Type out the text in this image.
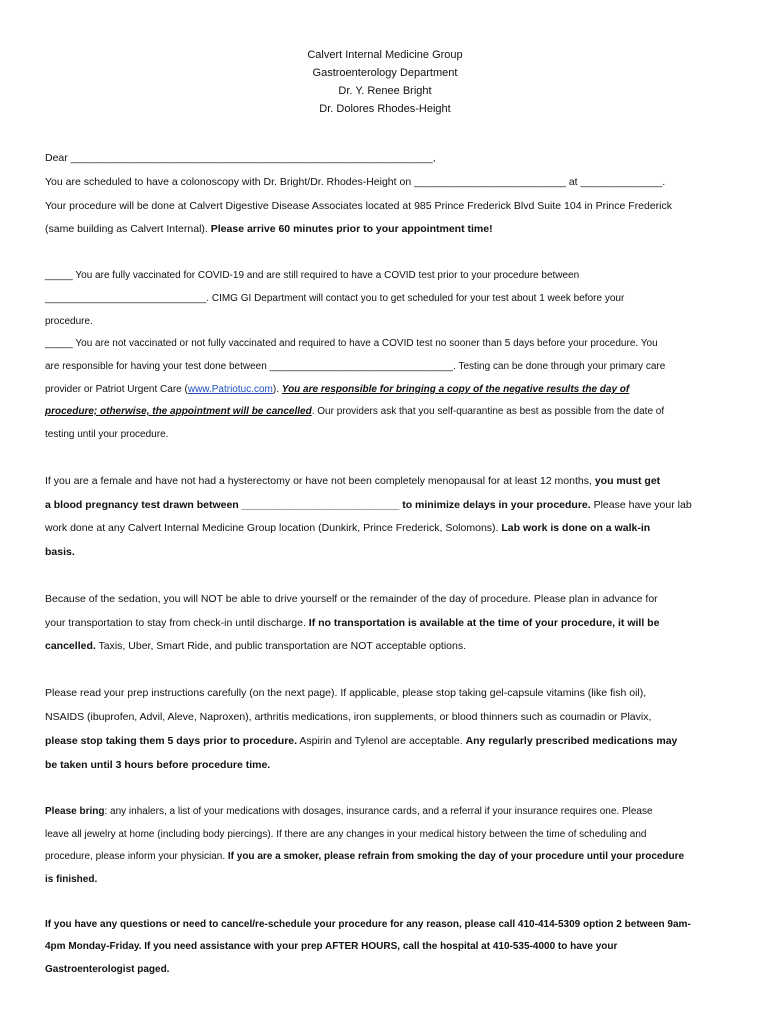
Calvert Internal Medicine Group
Gastroenterology Department
Dr. Y. Renee Bright
Dr. Dolores Rhodes-Height
Dear ______________________________________________________________,
You are scheduled to have a colonoscopy with Dr. Bright/Dr. Rhodes-Height on __________________________ at ______________.
Your procedure will be done at Calvert Digestive Disease Associates located at 985 Prince Frederick Blvd Suite 104 in Prince Frederick
(same building as Calvert Internal). Please arrive 60 minutes prior to your appointment time!
_____ You are fully vaccinated for COVID-19 and are still required to have a COVID test prior to your procedure between
_____________________________. CIMG GI Department will contact you to get scheduled for your test about 1 week before your
procedure.
_____ You are not vaccinated or not fully vaccinated and required to have a COVID test no sooner than 5 days before your procedure. You
are responsible for having your test done between _________________________________. Testing can be done through your primary care
provider or Patriot Urgent Care (www.Patriotuc.com). You are responsible for bringing a copy of the negative results the day of
procedure; otherwise, the appointment will be cancelled. Our providers ask that you self-quarantine as best as possible from the date of
testing until your procedure.
If you are a female and have not had a hysterectomy or have not been completely menopausal for at least 12 months, you must get
a blood pregnancy test drawn between ___________________________ to minimize delays in your procedure. Please have your lab
work done at any Calvert Internal Medicine Group location (Dunkirk, Prince Frederick, Solomons). Lab work is done on a walk-in
basis.
Because of the sedation, you will NOT be able to drive yourself or the remainder of the day of procedure. Please plan in advance for
your transportation to stay from check-in until discharge. If no transportation is available at the time of your procedure, it will be
cancelled. Taxis, Uber, Smart Ride, and public transportation are NOT acceptable options.
Please read your prep instructions carefully (on the next page). If applicable, please stop taking gel-capsule vitamins (like fish oil),
NSAIDS (ibuprofen, Advil, Aleve, Naproxen), arthritis medications, iron supplements, or blood thinners such as coumadin or Plavix,
please stop taking them 5 days prior to procedure. Aspirin and Tylenol are acceptable. Any regularly prescribed medications may
be taken until 3 hours before procedure time.
Please bring: any inhalers, a list of your medications with dosages, insurance cards, and a referral if your insurance requires one. Please
leave all jewelry at home (including body piercings). If there are any changes in your medical history between the time of scheduling and
procedure, please inform your physician. If you are a smoker, please refrain from smoking the day of your procedure until your procedure
is finished.
If you have any questions or need to cancel/re-schedule your procedure for any reason, please call 410-414-5309 option 2 between 9am-
4pm Monday-Friday. If you need assistance with your prep AFTER HOURS, call the hospital at 410-535-4000 to have your
Gastroenterologist paged.
